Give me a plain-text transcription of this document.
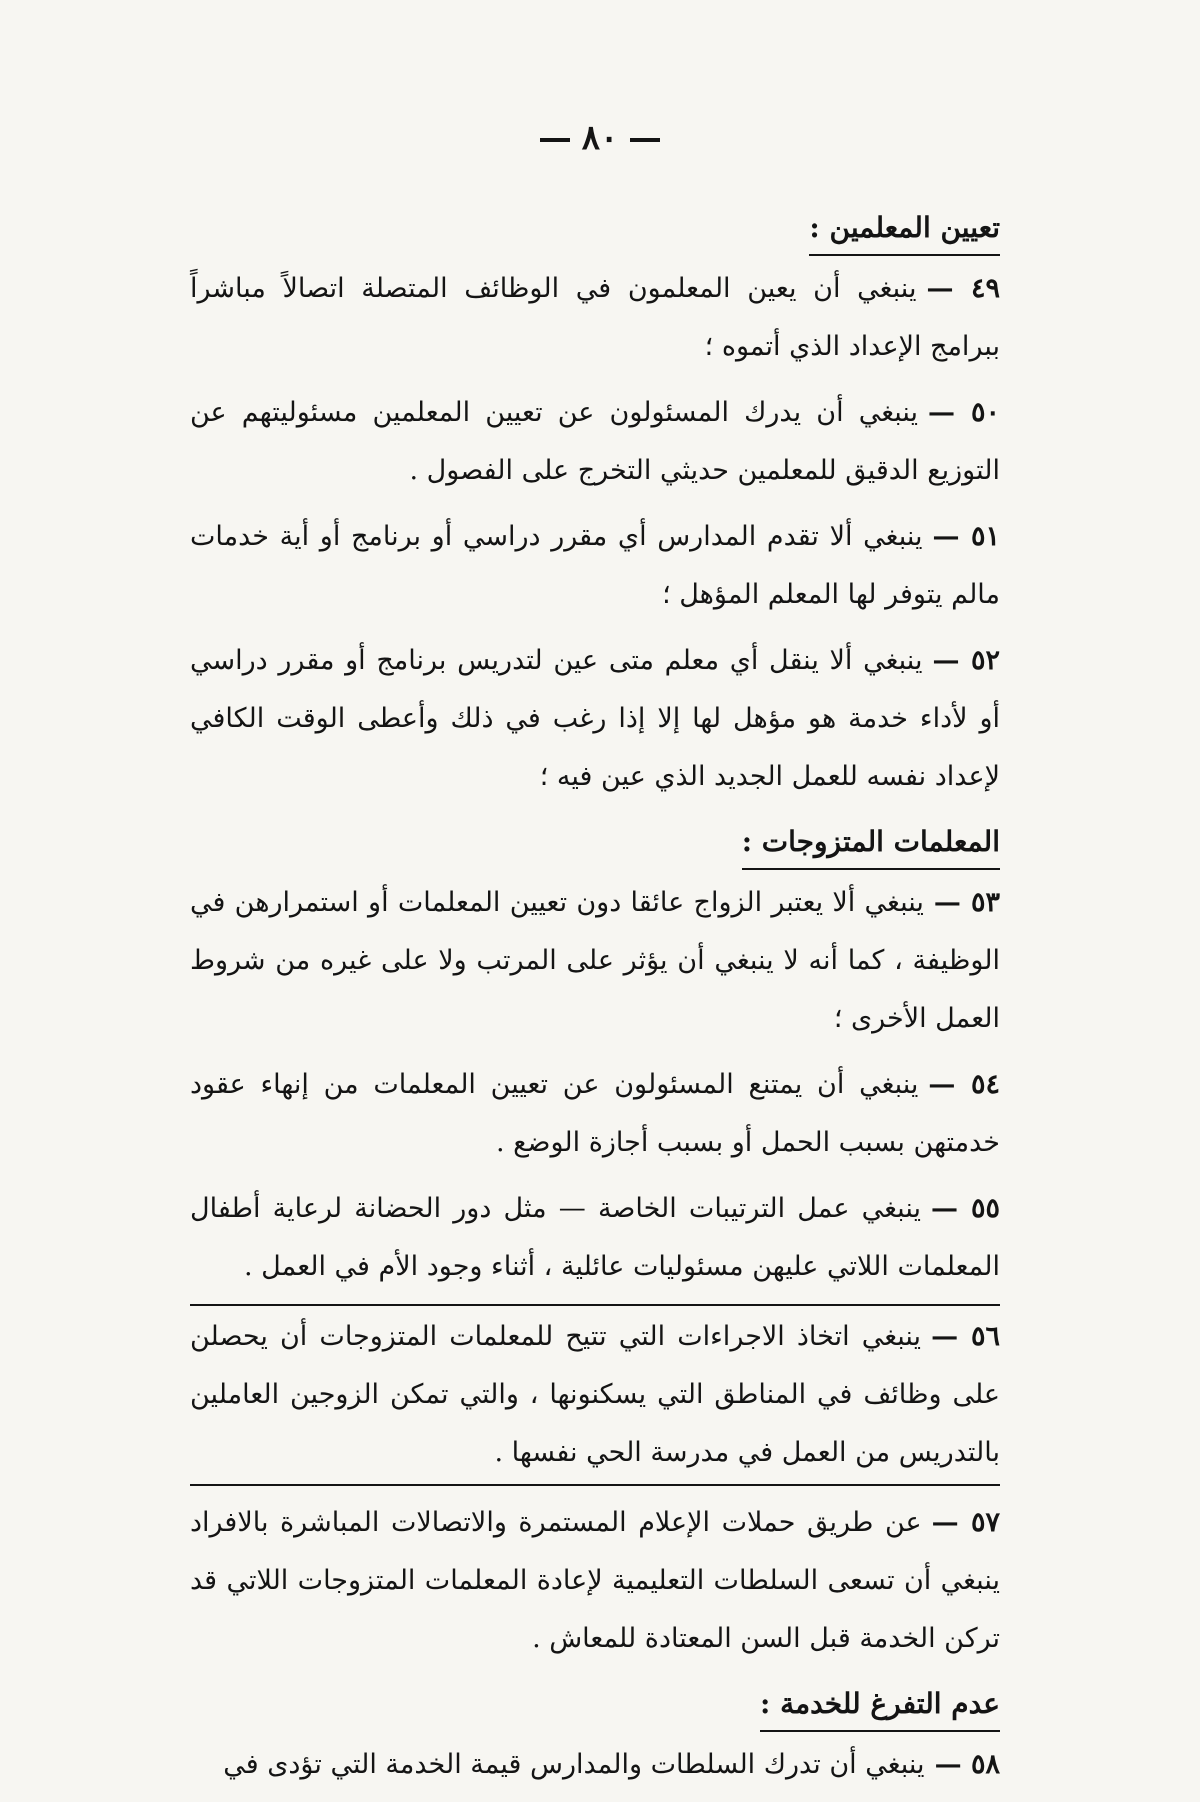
٨٠
تعيين المعلمين :

٤٩ —ينبغي أن يعين المعلمون في الوظائف المتصلة اتصالاً مباشراً ببرامج الإعداد الذي أتموه ؛

٥٠ —ينبغي أن يدرك المسئولون عن تعيين المعلمين مسئوليتهم عن التوزيع الدقيق للمعلمين حديثي التخرج على الفصول .

٥١ —ينبغي ألا تقدم المدارس أي مقرر دراسي أو برنامج أو أية خدمات مالم يتوفر لها المعلم المؤهل ؛

٥٢ —ينبغي ألا ينقل أي معلم متى عين لتدريس برنامج أو مقرر دراسي أو لأداء خدمة هو مؤهل لها إلا إذا رغب في ذلك وأعطى الوقت الكافي لإعداد نفسه للعمل الجديد الذي عين فيه ؛

المعلمات المتزوجات :

٥٣ —ينبغي ألا يعتبر الزواج عائقا دون تعيين المعلمات أو استمرارهن في الوظيفة ، كما أنه لا ينبغي أن يؤثر على المرتب ولا على غيره من شروط العمل الأخرى ؛

٥٤ —ينبغي أن يمتنع المسئولون عن تعيين المعلمات من إنهاء عقود خدمتهن بسبب الحمل أو بسبب أجازة الوضع .

٥٥ —ينبغي عمل الترتيبات الخاصة — مثل دور الحضانة لرعاية أطفال المعلمات اللاتي عليهن مسئوليات عائلية ، أثناء وجود الأم في العمل .

٥٦ —ينبغي اتخاذ الاجراءات التي تتيح للمعلمات المتزوجات أن يحصلن على وظائف في المناطق التي يسكنونها ، والتي تمكن الزوجين العاملين بالتدريس من العمل في مدرسة الحي نفسها .

٥٧ —عن طريق حملات الإعلام المستمرة والاتصالات المباشرة بالافراد ينبغي أن تسعى السلطات التعليمية لإعادة المعلمات المتزوجات اللاتي قد تركن الخدمة قبل السن المعتادة للمعاش .

عدم التفرغ للخدمة :

٥٨ —ينبغي أن تدرك السلطات والمدارس قيمة الخدمة التي تؤدى في
